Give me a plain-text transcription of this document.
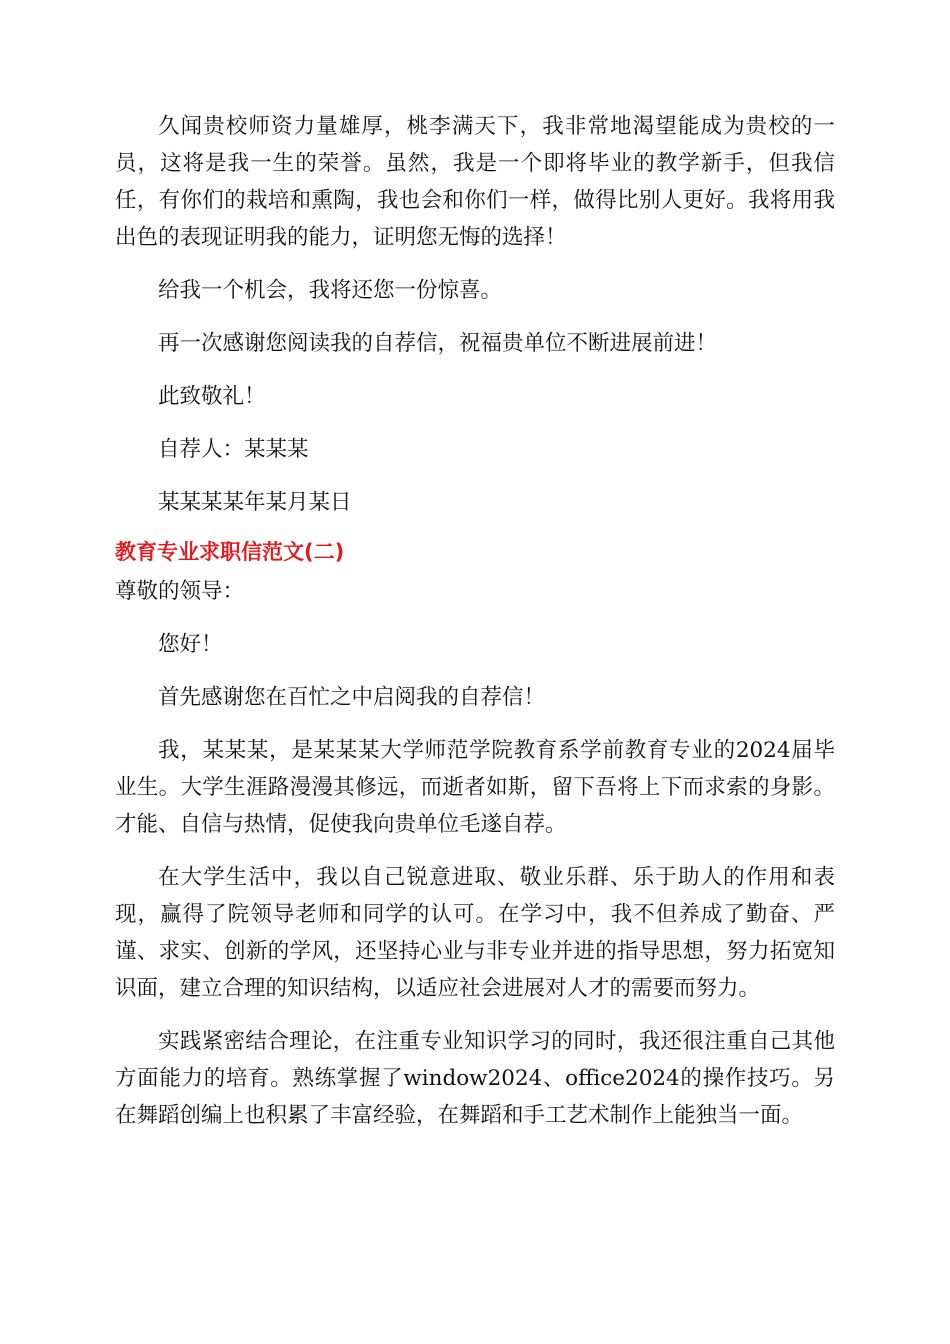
久闻贵校师资力量雄厚，桃李满天下，我非常地渴望能成为贵校的一员，这将是我一生的荣誉。虽然，我是一个即将毕业的教学新手，但我信任，有你们的栽培和熏陶，我也会和你们一样，做得比别人更好。我将用我出色的表现证明我的能力，证明您无悔的选择！

给我一个机会，我将还您一份惊喜。

再一次感谢您阅读我的自荐信，祝福贵单位不断进展前进！

此致敬礼！

自荐人：某某某

某某某某年某月某日

教育专业求职信范文(二)

尊敬的领导：

您好！

首先感谢您在百忙之中启阅我的自荐信！

我，某某某，是某某某大学师范学院教育系学前教育专业的2024届毕业生。大学生涯路漫漫其修远，而逝者如斯，留下吾将上下而求索的身影。才能、自信与热情，促使我向贵单位毛遂自荐。

在大学生活中，我以自己锐意进取、敬业乐群、乐于助人的作用和表现，赢得了院领导老师和同学的认可。在学习中，我不但养成了勤奋、严谨、求实、创新的学风，还坚持心业与非专业并进的指导思想，努力拓宽知识面，建立合理的知识结构，以适应社会进展对人才的需要而努力。

实践紧密结合理论，在注重专业知识学习的同时，我还很注重自己其他方面能力的培育。熟练掌握了window2024、office2024的操作技巧。另在舞蹈创编上也积累了丰富经验，在舞蹈和手工艺术制作上能独当一面。
